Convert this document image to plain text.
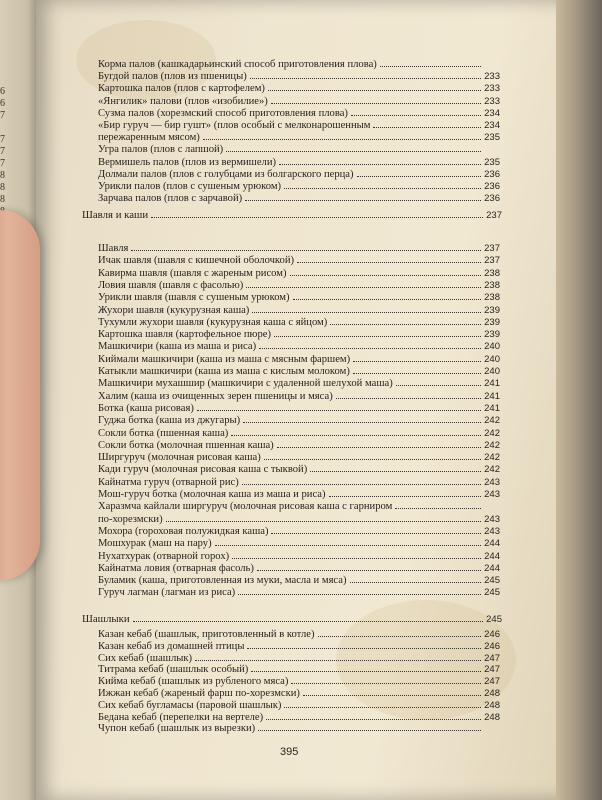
6
6
7

7
7
7
8
8
8
Корма палов (кашкадарьинский способ приготовления плова)
Бугдой палов (плов из пшеницы)	233
Картошка палов (плов с картофелем)	233
«Янгилик» палови (плов «изобилие»)	233
Сузма палов (хорезмский способ приготовления плова)	234
«Бир гуруч — бир гушт» (плов особый с мелконарошенным	234
пережаренным мясом)	235
Угра палов (плов с лапшой)
Вермишель палов (плов из вермишели)	235
Долмали палов (плов с голубцами из болгарского перца)	236
Урикли палов (плов с сушеным урюком)	236
Зарчава палов (плов с зарчавой)	236
Шавля	237
Ичак шавля (шавля с кишечной оболочкой)	237
Кавирма шавля (шавля с жареным рисом)	238
Ловия шавля (шавля с фасолью)	238
Урикли шавля (шавля с сушеным урюком)	238
Жухори шавля (кукурузная каша)	239
Тухумли жухори шавля (кукурузная каша с яйцом)	239
Картошка шавля (картофельное пюре)	239
Машкичири (каша из маша и риса)	240
Киймали машкичири (каша из маша с мясным фаршем)	240
Катыкли машкичири (каша из маша с кислым молоком)	240
Машкичири мухашшир (машкичири с удаленной шелухой маша)	241
Халим (каша из очищенных зерен пшеницы и мяса)	241
Ботка (каша рисовая)	241
Гуджа ботка (каша из джугары)	242
Сокли ботка (пшенная каша)	242
Сокли ботка (молочная пшенная каша)	242
Ширгуруч (молочная рисовая каша)	242
Кади гуруч (молочная рисовая каша с тыквой)	242
Кайнатма гуруч (отварной рис)	243
Мош-гуруч ботка (молочная каша из маша и риса)	243
Харазмча кайлали ширгуруч (молочная рисовая каша с гарниром
по-хорезмски)	243
Мохора (гороховая полужидкая каша)	243
Мошхурак (маш на пару)	244
Нухатхурак (отварной горох)	244
Кайнатма ловия (отварная фасоль)	244
Буламик (каша, приготовленная из муки, масла и мяса)	245
Гуруч лагман (лагман из риса)	245
Казан кебаб (шашлык, приготовленный в котле)	246
Казан кебаб из домашней птицы	246
Сих кебаб (шашлык)	247
Титрама кебаб (шашлык особый)	247
Кийма кебаб (шашлык из рубленого мяса)	247
Ижжан кебаб (жареный фарш по-хорезмски)	248
Сих кебаб бугламасы (паровой шашлык)	248
Бедана кебаб (перепелки на вертеле)	248
Чупон кебаб (шашлык из вырезки)
Шавля и каши	237
Шашлыки	245
395
